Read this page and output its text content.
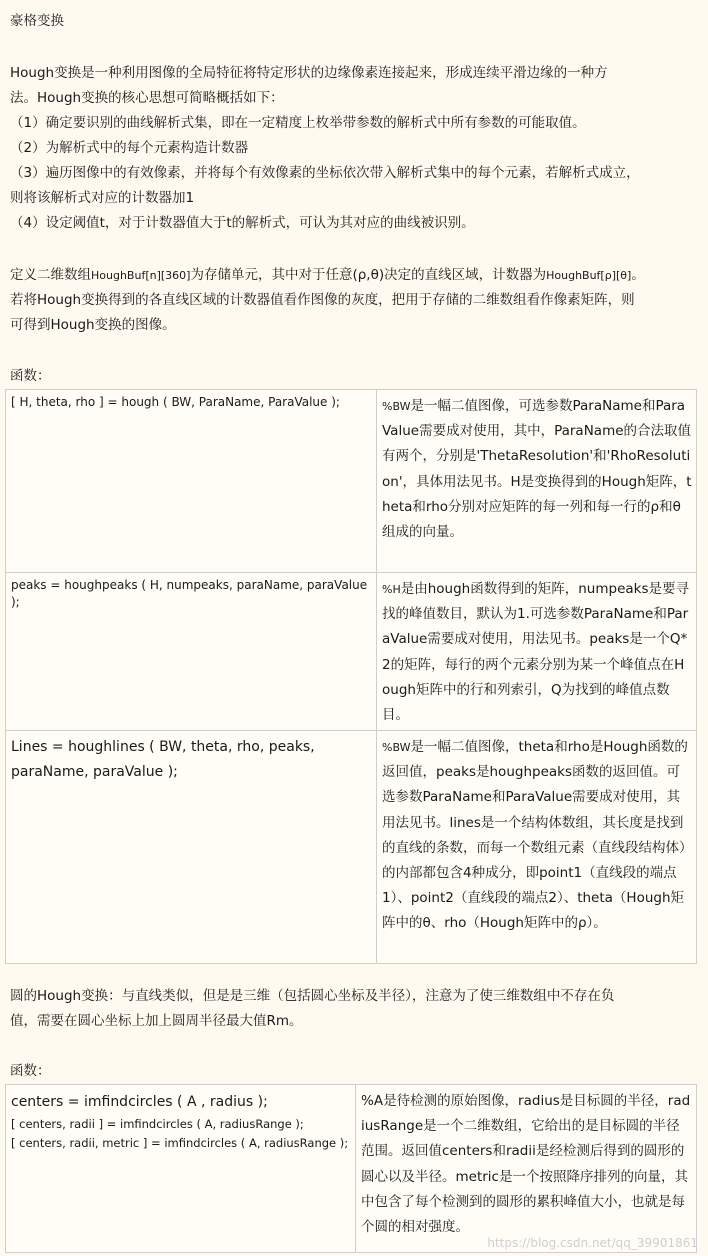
豪格变换

Hough变换是一种利用图像的全局特征将特定形状的边缘像素连接起来，形成连续平滑边缘的一种方

法。Hough变换的核心思想可简略概括如下：

（1）确定要识别的曲线解析式集，即在一定精度上枚举带参数的解析式中所有参数的可能取值。

（2）为解析式中的每个元素构造计数器

（3）遍历图像中的有效像素，并将每个有效像素的坐标依次带入解析式集中的每个元素，若解析式成立，

则将该解析式对应的计数器加1

（4）设定阈值t，对于计数器值大于t的解析式，可认为其对应的曲线被识别。

定义二维数组HoughBuf[n][360]为存储单元，其中对于任意(ρ,θ)决定的直线区域，计数器为HoughBuf[ρ][θ]。

若将Hough变换得到的各直线区域的计数器值看作图像的灰度，把用于存储的二维数组看作像素矩阵，则

可得到Hough变换的图像。

函数：

[ H, theta, rho ] = hough ( BW, ParaName, ParaValue );	%BW是一幅二值图像，可选参数ParaName和ParaValue需要成对使用，其中，ParaName的合法取值有两个，分别是'ThetaResolution'和'RhoResolution'，具体用法见书。H是变换得到的Hough矩阵，theta和rho分别对应矩阵的每一列和每一行的ρ和θ组成的向量。
peaks = houghpeaks ( H, numpeaks, paraName, paraValue );	%H是由hough函数得到的矩阵，numpeaks是要寻找的峰值数目，默认为1.可选参数ParaName和ParaValue需要成对使用，用法见书。peaks是一个Q*2的矩阵，每行的两个元素分别为某一个峰值点在Hough矩阵中的行和列索引，Q为找到的峰值点数目。
Lines = houghlines ( BW, theta, rho, peaks, paraName, paraValue );	%BW是一幅二值图像，theta和rho是Hough函数的返回值，peaks是houghpeaks函数的返回值。可选参数ParaName和ParaValue需要成对使用，其用法见书。lines是一个结构体数组，其长度是找到的直线的条数，而每一个数组元素（直线段结构体）的内部都包含4种成分，即point1（直线段的端点1）、point2（直线段的端点2）、theta（Hough矩阵中的θ、rho（Hough矩阵中的ρ）。

圆的Hough变换：与直线类似，但是是三维（包括圆心坐标及半径），注意为了使三维数组中不存在负

值，需要在圆心坐标上加上圆周半径最大值Rm。

函数：

centers = imfindcircles ( A , radius );
[ centers, radii ] = imfindcircles ( A, radiusRange );
[ centers, radii, metric ] = imfindcircles ( A, radiusRange );
	%A是待检测的原始图像，radius是目标圆的半径，radiusRange是一个二维数组，它给出的是目标圆的半径范围。返回值centers和radii是经检测后得到的圆形的圆心以及半径。metric是一个按照降序排列的向量，其中包含了每个检测到的圆形的累积峰值大小，也就是每个圆的相对强度。
https://blog.csdn.net/qq_39901861
